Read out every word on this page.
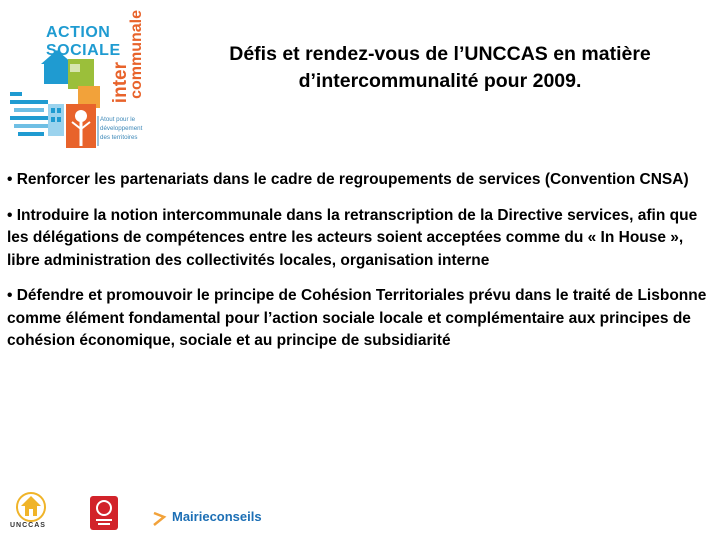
ACTION
SOCIALE
inter
communale
Atout pour le
développement
des territoires
Défis et rendez-vous de l’UNCCAS en matière
d’intercommunalité pour 2009.
• Renforcer les partenariats dans le cadre de regroupements de services (Convention CNSA)
• Introduire la notion intercommunale dans la retranscription de la Directive services, afin que les délégations de compétences entre les acteurs soient acceptées comme du « In House », libre administration des collectivités locales, organisation interne
• Défendre et promouvoir le principe de Cohésion Territoriales prévu dans le traité de Lisbonne comme élément fondamental pour l’action sociale locale et complémentaire aux principes de cohésion économique, sociale et au principe de subsidiarité
UNCCAS
Mairieconseils
